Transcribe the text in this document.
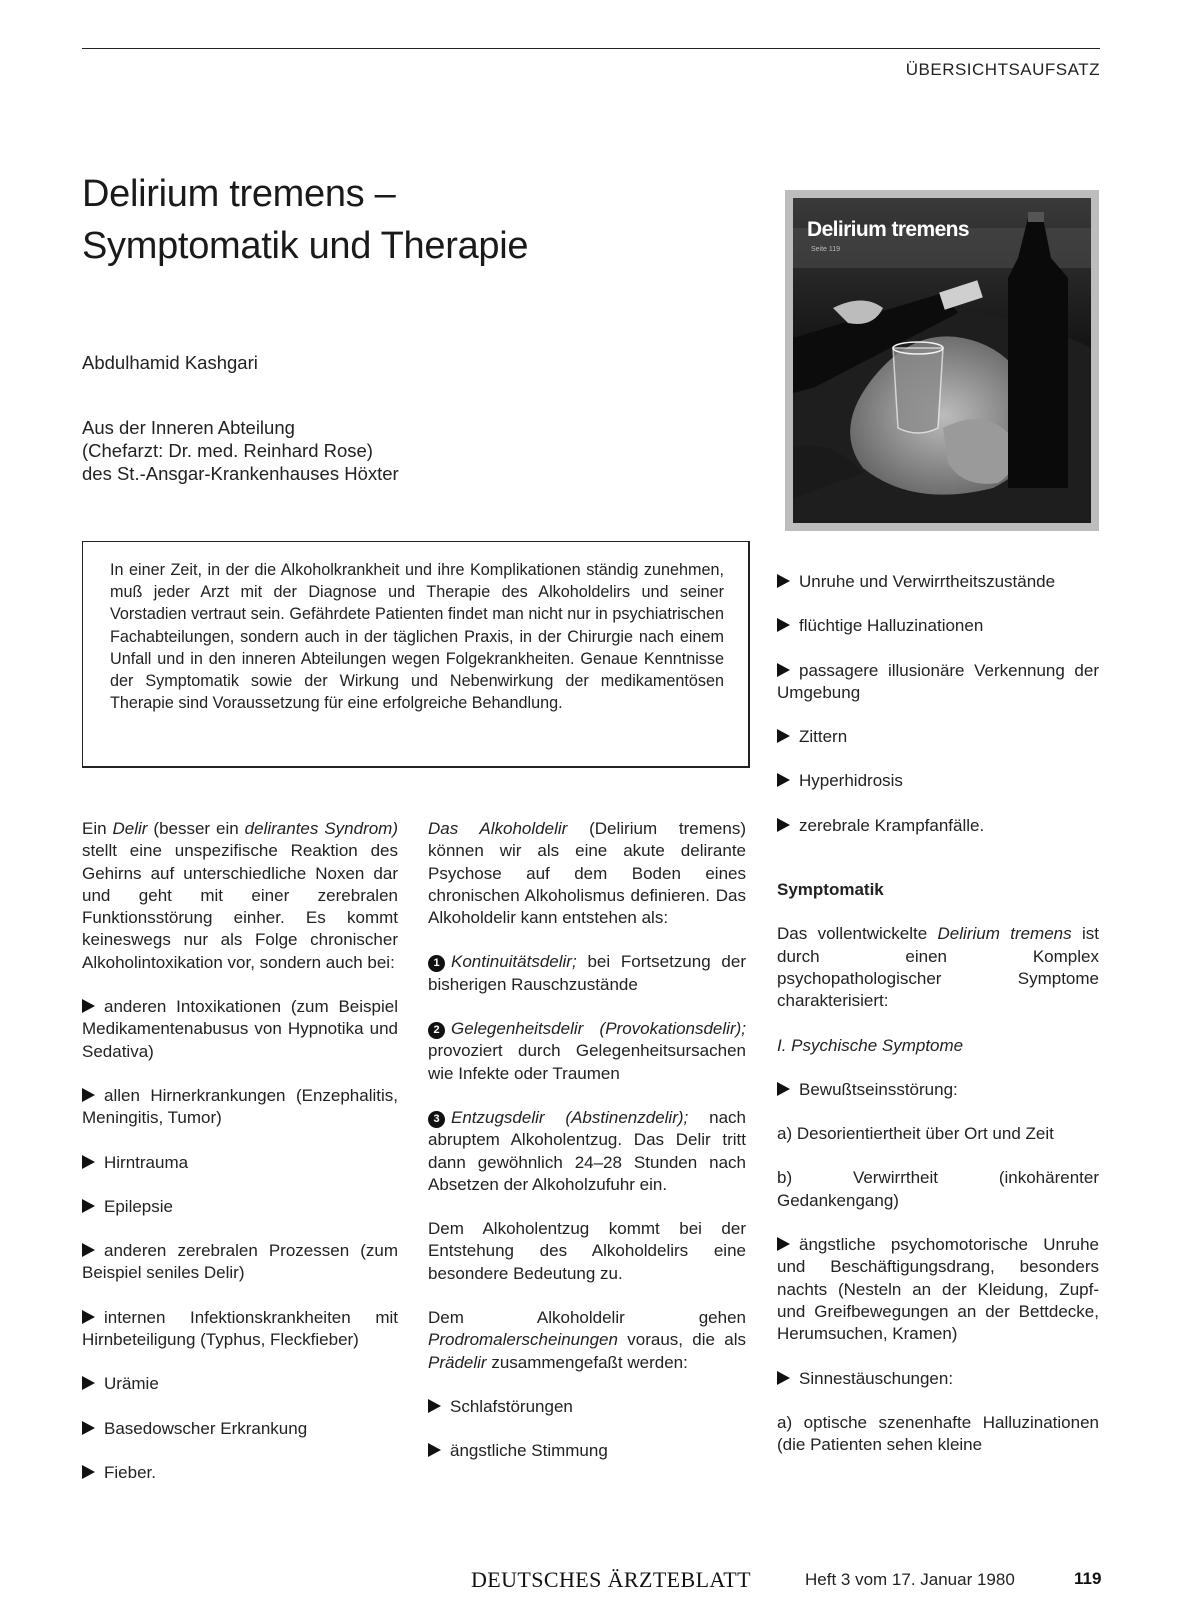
ÜBERSICHTSAUFSATZ
Delirium tremens –
Symptomatik und Therapie
Abdulhamid Kashgari
Aus der Inneren Abteilung
(Chefarzt: Dr. med. Reinhard Rose)
des St.-Ansgar-Krankenhauses Höxter
Delirium tremens
Seite 119
In einer Zeit, in der die Alkoholkrankheit und ihre Komplikationen ständig zunehmen, muß jeder Arzt mit der Diagnose und Therapie des Alkoholdelirs und seiner Vorstadien vertraut sein. Gefährdete Patienten findet man nicht nur in psychiatrischen Fachabteilungen, sondern auch in der täglichen Praxis, in der Chirurgie nach einem Unfall und in den inneren Abteilungen wegen Folgekrankheiten. Genaue Kenntnisse der Symptomatik sowie der Wirkung und Nebenwirkung der medikamentösen Therapie sind Voraussetzung für eine erfolgreiche Behandlung.

Ein Delir (besser ein delirantes Syndrom) stellt eine unspezifische Reaktion des Gehirns auf unterschiedliche Noxen dar und geht mit einer zerebralen Funktionsstörung einher. Es kommt keineswegs nur als Folge chronischer Alkoholintoxikation vor, sondern auch bei:

anderen Intoxikationen (zum Beispiel Medikamentenabusus von Hypnotika und Sedativa)

allen Hirnerkrankungen (Enzephalitis, Meningitis, Tumor)

Hirntrauma

Epilepsie

anderen zerebralen Prozessen (zum Beispiel seniles Delir)

internen Infektionskrankheiten mit Hirnbeteiligung (Typhus, Fleckfieber)

Urämie

Basedowscher Erkrankung

Fieber.

Das Alkoholdelir (Delirium tremens) können wir als eine akute delirante Psychose auf dem Boden eines chronischen Alkoholismus definieren. Das Alkoholdelir kann entstehen als:

1 Kontinuitätsdelir; bei Fortsetzung der bisherigen Rauschzustände

2 Gelegenheitsdelir (Provokationsdelir); provoziert durch Gelegenheitsursachen wie Infekte oder Traumen

3 Entzugsdelir (Abstinenzdelir); nach abruptem Alkoholentzug. Das Delir tritt dann gewöhnlich 24–28 Stunden nach Absetzen der Alkoholzufuhr ein.

Dem Alkoholentzug kommt bei der Entstehung des Alkoholdelirs eine besondere Bedeutung zu.

Dem Alkoholdelir gehen Prodromalerscheinungen voraus, die als Prädelir zusammengefaßt werden:

Schlafstörungen

ängstliche Stimmung

Unruhe und Verwirrtheitszustände

flüchtige Halluzinationen

passagere illusionäre Verkennung der Umgebung

Zittern

Hyperhidrosis

zerebrale Krampfanfälle.

Symptomatik

Das vollentwickelte Delirium tremens ist durch einen Komplex psychopathologischer Symptome charakterisiert:

I. Psychische Symptome

Bewußtseinsstörung:

a) Desorientiertheit über Ort und Zeit

b) Verwirrtheit (inkohärenter Gedankengang)

ängstliche psychomotorische Unruhe und Beschäftigungsdrang, besonders nachts (Nesteln an der Kleidung, Zupf- und Greifbewegungen an der Bettdecke, Herumsuchen, Kramen)

Sinnestäuschungen:

a) optische szenenhafte Halluzinationen (die Patienten sehen kleine

DEUTSCHES ÄRZTEBLATT	Heft 3 vom 17. Januar 1980	119
